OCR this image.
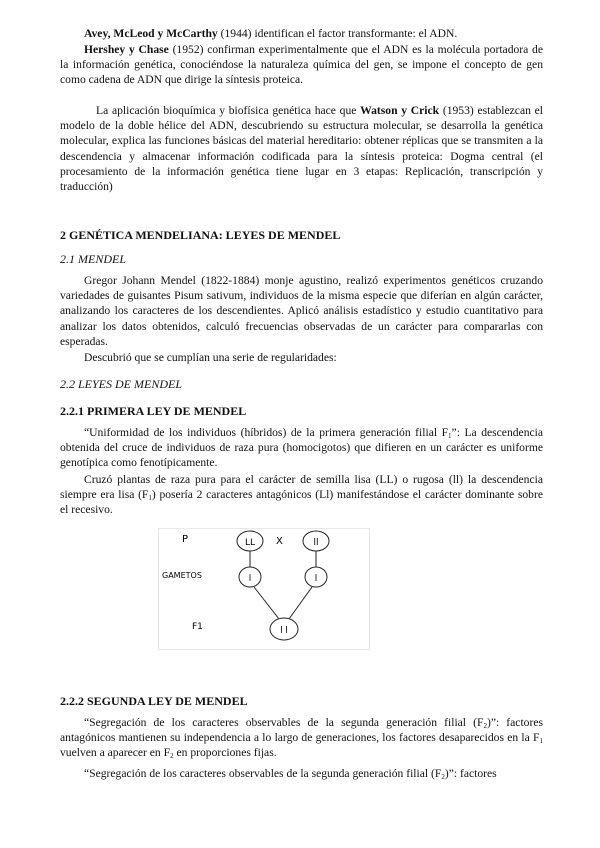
Avey, McLeod y McCarthy (1944) identifican el factor transformante: el ADN.

Hershey y Chase (1952) confirman experimentalmente que el ADN es la molécula portadora de la información genética, conociéndose la naturaleza química del gen, se impone el concepto de gen como cadena de ADN que dirige la síntesis proteica.

La aplicación bioquímica y biofísica genética hace que Watson y Crick (1953) establezcan el modelo de la doble hélice del ADN, descubriendo su estructura molecular, se desarrolla la genética molecular, explica las funciones básicas del material hereditario: obtener réplicas que se transmiten a la descendencia y almacenar información codificada para la síntesis proteica: Dogma central (el procesamiento de la información genética tiene lugar en 3 etapas: Replicación, transcripción y traducción)

2 GENÉTICA MENDELIANA: LEYES DE MENDEL

2.1 MENDEL

Gregor Johann Mendel (1822-1884) monje agustino, realizó experimentos genéticos cruzando variedades de guisantes Pisum sativum, individuos de la misma especie que diferían en algún carácter, analizando los caracteres de los descendientes. Aplicó análisis estadístico y estudio cuantitativo para analizar los datos obtenidos, calculó frecuencias observadas de un carácter para compararlas con esperadas.

Descubrió que se cumplían una serie de regularidades:

2.2 LEYES DE MENDEL

2.2.1 PRIMERA LEY DE MENDEL

“Uniformidad de los individuos (híbridos) de la primera generación filial $F_1$”: La descendencia obtenida del cruce de individuos de raza pura (homocigotos) que difieren en un carácter es uniforme genotípica como fenotípicamente.

Cruzó plantas de raza pura para el carácter de semilla lisa (LL) o rugosa (ll) la descendencia siempre era lisa $(F_1)$ posería 2 caracteres antagónicos (Ll) manifestándose el carácter dominante sobre el recesivo.

P
GAMETOS
F1
X
LL	ll
l	l
l l

2.2.2 SEGUNDA LEY DE MENDEL

“Segregación de los caracteres observables de la segunda generación filial $(F_2)$”: factores antagónicos mantienen su independencia a lo largo de generaciones, los factores desaparecidos en la $F_1$ vuelven a aparecer en $F_2$ en proporciones fijas.

“Segregación de los caracteres observables de la segunda generación filial $(F_2)$”: factores
